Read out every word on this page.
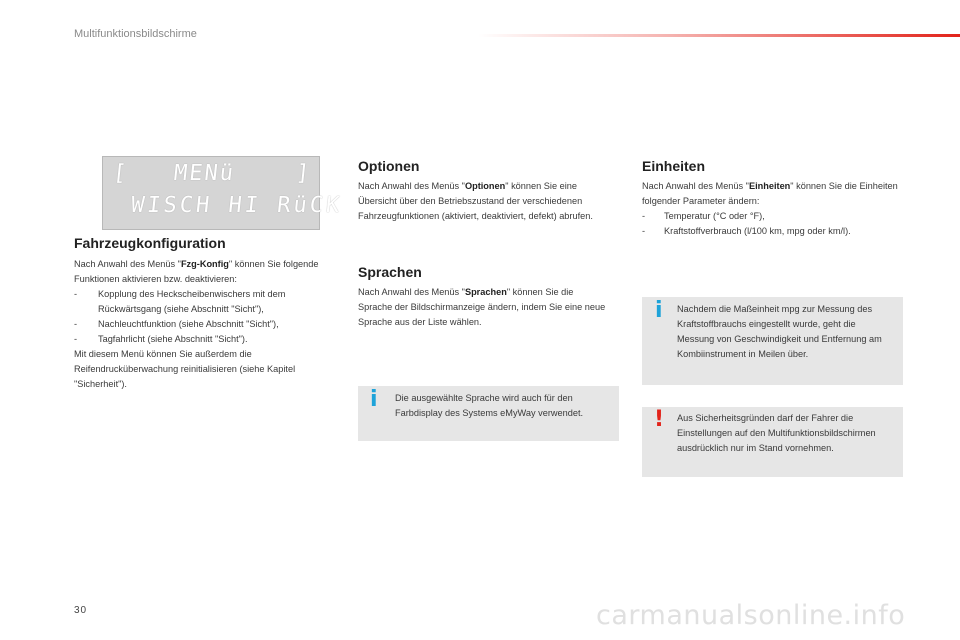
Multifunktionsbildschirme
[   MENü    ]
WISCH HI RüCK
Fahrzeugkonfiguration
Nach Anwahl des Menüs "Fzg-Konfig" können Sie folgende Funktionen aktivieren bzw. deaktivieren:
- Kopplung des Heckscheibenwischers mit dem Rückwärtsgang (siehe Abschnitt "Sicht"),
- Nachleuchtfunktion (siehe Abschnitt "Sicht"),
- Tagfahrlicht (siehe Abschnitt "Sicht").
Mit diesem Menü können Sie außerdem die Reifendrucküberwachung reinitialisieren (siehe Kapitel "Sicherheit").
Optionen
Nach Anwahl des Menüs "Optionen" können Sie eine Übersicht über den Betriebszustand der verschiedenen Fahrzeugfunktionen (aktiviert, deaktiviert, defekt) abrufen.
Sprachen
Nach Anwahl des Menüs "Sprachen" können Sie die Sprache der Bildschirmanzeige ändern, indem Sie eine neue Sprache aus der Liste wählen.
i Die ausgewählte Sprache wird auch für den Farbdisplay des Systems eMyWay verwendet.
Einheiten
Nach Anwahl des Menüs "Einheiten" können Sie die Einheiten folgender Parameter ändern:
- Temperatur (°C oder °F),
- Kraftstoffverbrauch (l/100 km, mpg oder km/l).
i Nachdem die Maßeinheit mpg zur Messung des Kraftstoffbrauchs eingestellt wurde, geht die Messung von Geschwindigkeit und Entfernung am Kombiinstrument in Meilen über.
! Aus Sicherheitsgründen darf der Fahrer die Einstellungen auf den Multifunktionsbildschirmen ausdrücklich nur im Stand vornehmen.
30	carmanualsonline.info
